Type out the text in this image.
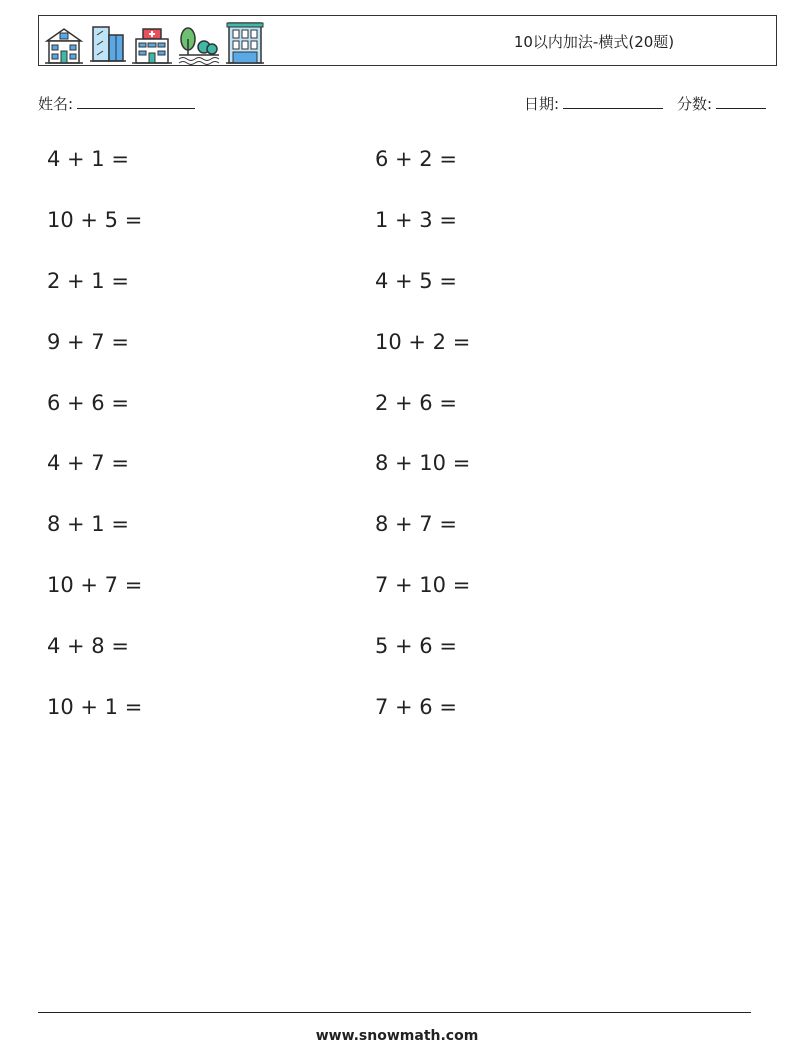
10以内加法-横式(20题)
姓名:	日期:	分数:
4 + 1 =	6 + 2 =
10 + 5 =	1 + 3 =
2 + 1 =	4 + 5 =
9 + 7 =	10 + 2 =
6 + 6 =	2 + 6 =
4 + 7 =	8 + 10 =
8 + 1 =	8 + 7 =
10 + 7 =	7 + 10 =
4 + 8 =	5 + 6 =
10 + 1 =	7 + 6 =
www.snowmath.com
